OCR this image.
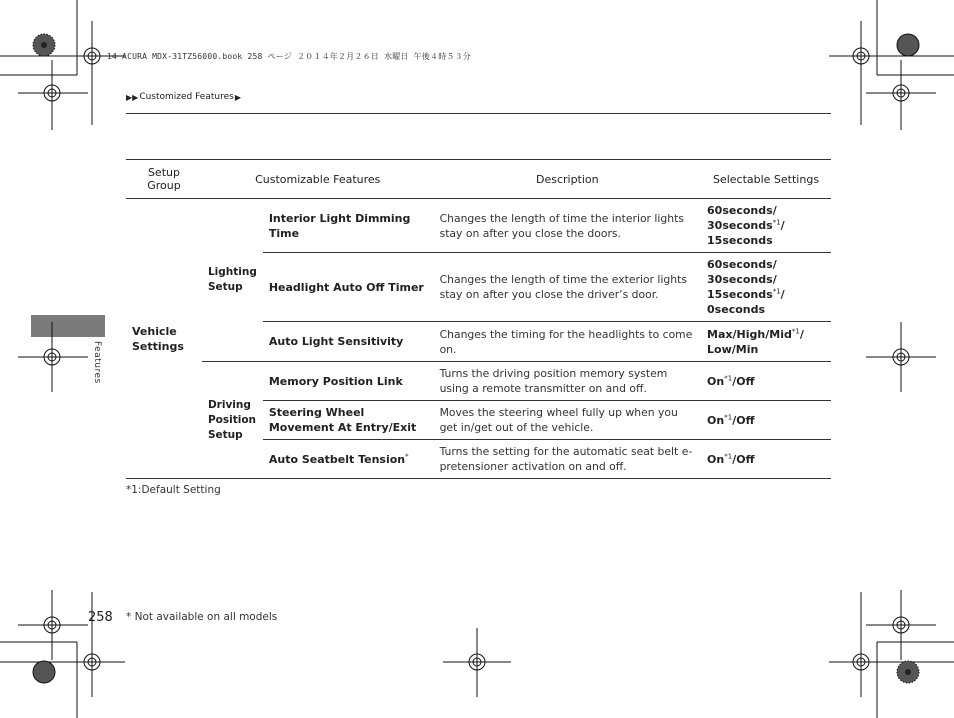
14 ACURA MDX-31TZ56000.book 258 ページ ２０１４年２月２６日 水曜日 午後４時５３分
▶▶ Customized Features ▶
Features
Setup Group	Customizable Features		Description	Selectable Settings
Vehicle Settings	Lighting Setup	Interior Light Dimming Time	Changes the length of time the interior lights stay on after you close the doors.	60seconds/
30seconds$^{*1}$/
15seconds
		Headlight Auto Off Timer	Changes the length of time the exterior lights stay on after you close the driver’s door.	60seconds/
30seconds/
15seconds$^{*1}$/
0seconds
		Auto Light Sensitivity	Changes the timing for the headlights to come on.	Max/High/Mid$^{*1}$/
Low/Min
	Driving Position Setup	Memory Position Link	Turns the driving position memory system using a remote transmitter on and off.	On$^{*1}$/Off
		Steering Wheel Movement At Entry/Exit	Moves the steering wheel fully up when you get in/get out of the vehicle.	On$^{*1}$/Off
		Auto Seatbelt Tension*	Turns the setting for the automatic seat belt e-pretensioner activation on and off.	On$^{*1}$/Off
*1:Default Setting
258 * Not available on all models
